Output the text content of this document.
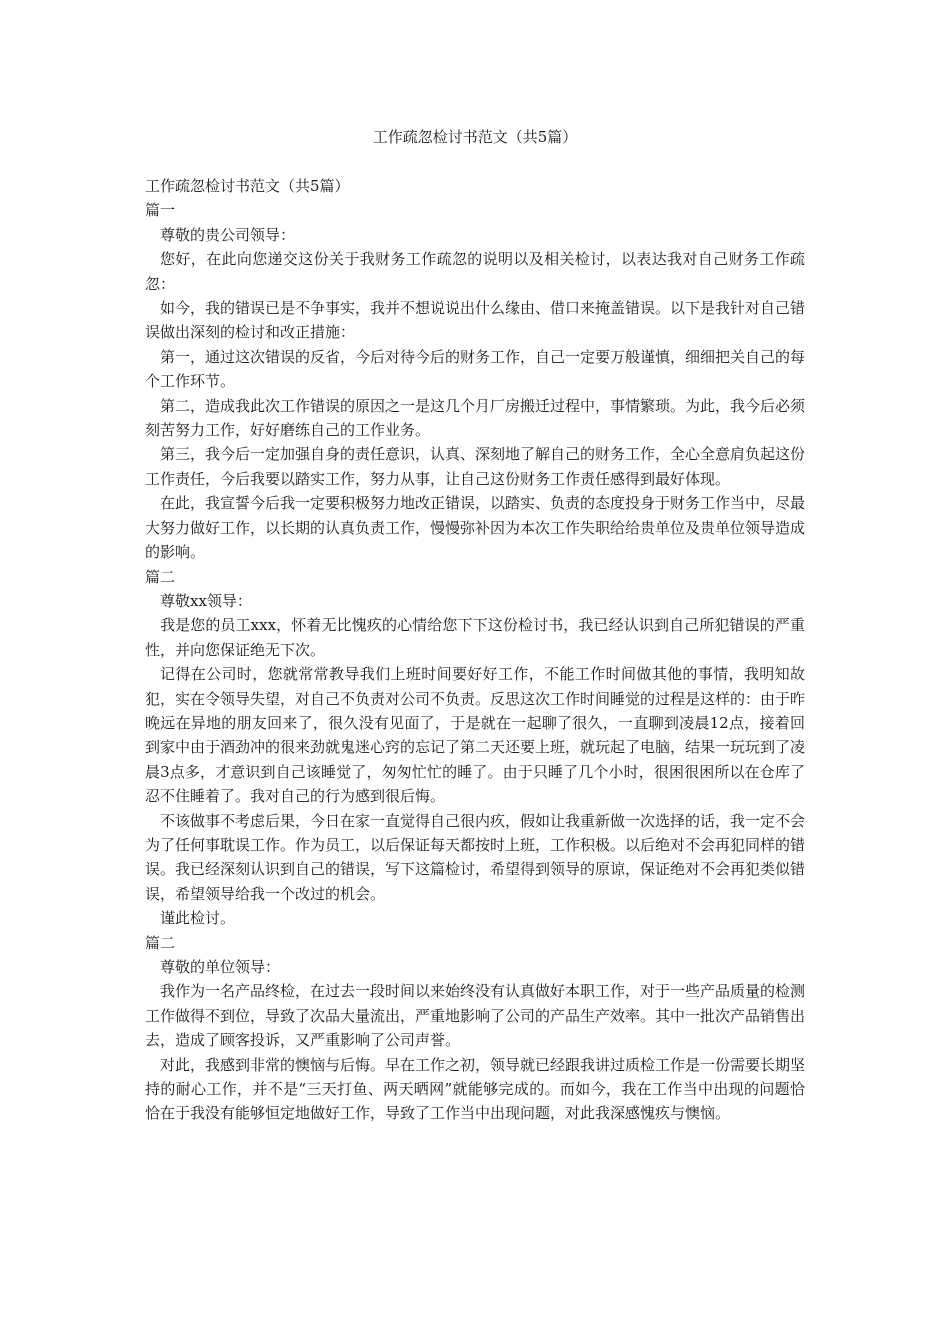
工作疏忽检讨书范文（共5篇）

工作疏忽检讨书范文（共5篇）

篇一

尊敬的贵公司领导：

您好，在此向您递交这份关于我财务工作疏忽的说明以及相关检讨，以表达我对自己财务工作疏忽：

如今，我的错误已是不争事实，我并不想说说出什么缘由、借口来掩盖错误。以下是我针对自己错误做出深刻的检讨和改正措施：

第一，通过这次错误的反省，今后对待今后的财务工作，自己一定要万般谨慎，细细把关自己的每个工作环节。

第二，造成我此次工作错误的原因之一是这几个月厂房搬迁过程中，事情繁琐。为此，我今后必须刻苦努力工作，好好磨练自己的工作业务。

第三，我今后一定加强自身的责任意识，认真、深刻地了解自己的财务工作，全心全意肩负起这份工作责任，今后我要以踏实工作，努力从事，让自己这份财务工作责任感得到最好体现。

在此，我宣誓今后我一定要积极努力地改正错误，以踏实、负责的态度投身于财务工作当中，尽最大努力做好工作，以长期的认真负责工作，慢慢弥补因为本次工作失职给给贵单位及贵单位领导造成的影响。

篇二

尊敬xx领导：

我是您的员工xxx，怀着无比愧疚的心情给您下下这份检讨书，我已经认识到自己所犯错误的严重性，并向您保证绝无下次。

记得在公司时，您就常常教导我们上班时间要好好工作，不能工作时间做其他的事情，我明知故犯，实在令领导失望，对自己不负责对公司不负责。反思这次工作时间睡觉的过程是这样的：由于昨晚远在异地的朋友回来了，很久没有见面了，于是就在一起聊了很久，一直聊到凌晨12点，接着回到家中由于酒劲冲的很来劲就鬼迷心窍的忘记了第二天还要上班，就玩起了电脑，结果一玩玩到了凌晨3点多，才意识到自己该睡觉了，匆匆忙忙的睡了。由于只睡了几个小时，很困很困所以在仓库了忍不住睡着了。我对自己的行为感到很后悔。

不该做事不考虑后果，今日在家一直觉得自己很内疚，假如让我重新做一次选择的话，我一定不会为了任何事耽误工作。作为员工，以后保证每天都按时上班，工作积极。以后绝对不会再犯同样的错误。我已经深刻认识到自己的错误，写下这篇检讨，希望得到领导的原谅，保证绝对不会再犯类似错误，希望领导给我一个改过的机会。

谨此检讨。

篇二

尊敬的单位领导：

我作为一名产品终检，在过去一段时间以来始终没有认真做好本职工作，对于一些产品质量的检测工作做得不到位，导致了次品大量流出，严重地影响了公司的产品生产效率。其中一批次产品销售出去，造成了顾客投诉，又严重影响了公司声誉。

对此，我感到非常的懊恼与后悔。早在工作之初，领导就已经跟我讲过质检工作是一份需要长期坚持的耐心工作，并不是“三天打鱼、两天晒网”就能够完成的。而如今，我在工作当中出现的问题恰恰在于我没有能够恒定地做好工作，导致了工作当中出现问题，对此我深感愧疚与懊恼。
